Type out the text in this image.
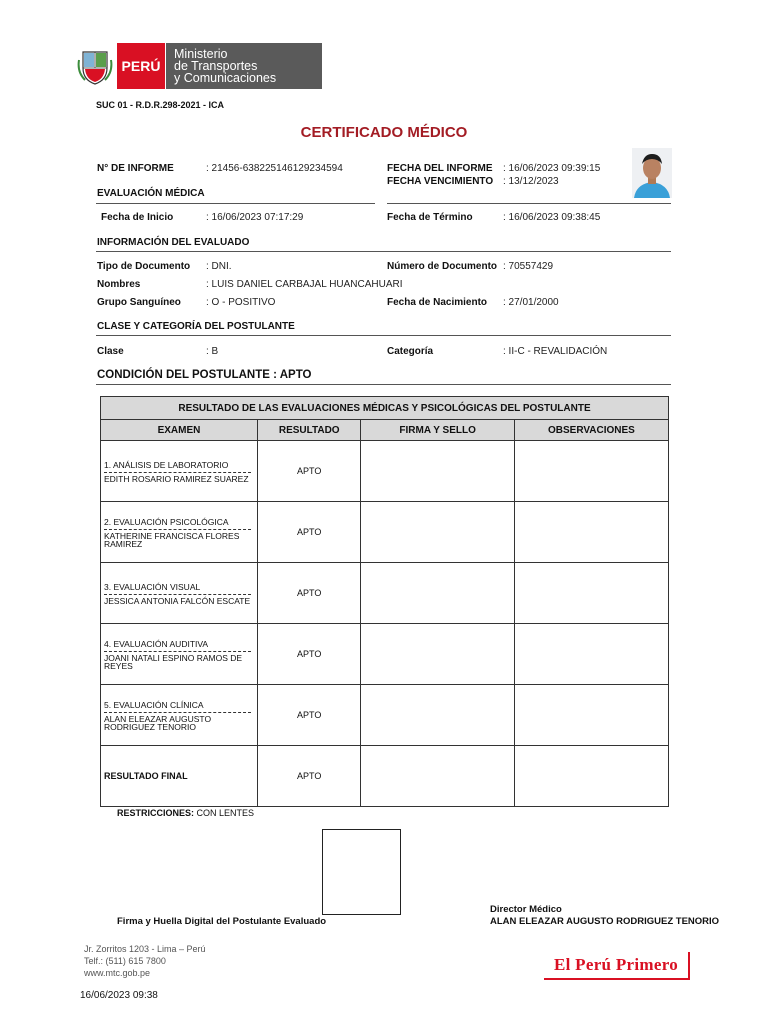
PERÚ
Ministerio
de Transportes
y Comunicaciones
SUC 01 - R.D.R.298-2021 - ICA
CERTIFICADO MÉDICO
N° DE INFORME	: 21456-638225146129234594	FECHA DEL INFORME : 16/06/2023 09:39:15
FECHA VENCIMIENTO : 13/12/2023
EVALUACIÓN MÉDICA
Fecha de Inicio	: 16/06/2023 07:17:29	Fecha de Término	: 16/06/2023 09:38:45
INFORMACIÓN DEL EVALUADO
Tipo de Documento : DNI.	Número de Documento : 70557429
Nombres	: LUIS DANIEL CARBAJAL HUANCAHUARI
Grupo Sanguíneo	: O - POSITIVO	Fecha de Nacimiento : 27/01/2000
CLASE Y CATEGORÍA DEL POSTULANTE
Clase	: B	Categoría	: II-C - REVALIDACIÓN
CONDICIÓN DEL POSTULANTE : APTO
RESULTADO DE LAS EVALUACIONES MÉDICAS Y PSICOLÓGICAS DEL POSTULANTE			
EXAMEN	RESULTADO	FIRMA Y SELLO	OBSERVACIONES

1. ANÁLISIS DE LABORATORIO
EDITH ROSARIO RAMIREZ SUAREZ	APTO		

2. EVALUACIÓN PSICOLÓGICA
KATHERINE FRANCISCA FLORES RAMIREZ	APTO		

3. EVALUACIÓN VISUAL
JESSICA ANTONIA FALCÓN ESCATE	APTO		

4. EVALUACIÓN AUDITIVA
JOANI NATALI ESPINO RAMOS DE REYES	APTO		

5. EVALUACIÓN CLÍNICA
ALAN ELEAZAR AUGUSTO RODRIGUEZ TENORIO	APTO		
RESULTADO FINAL	APTO		
RESTRICCIONES: CON LENTES
Firma y Huella Digital del Postulante Evaluado
Director Médico
ALAN ELEAZAR AUGUSTO RODRIGUEZ TENORIO
Jr. Zorritos 1203 - Lima – Perú
Telf.: (511) 615 7800
www.mtc.gob.pe	El Perú Primero
16/06/2023 09:38
